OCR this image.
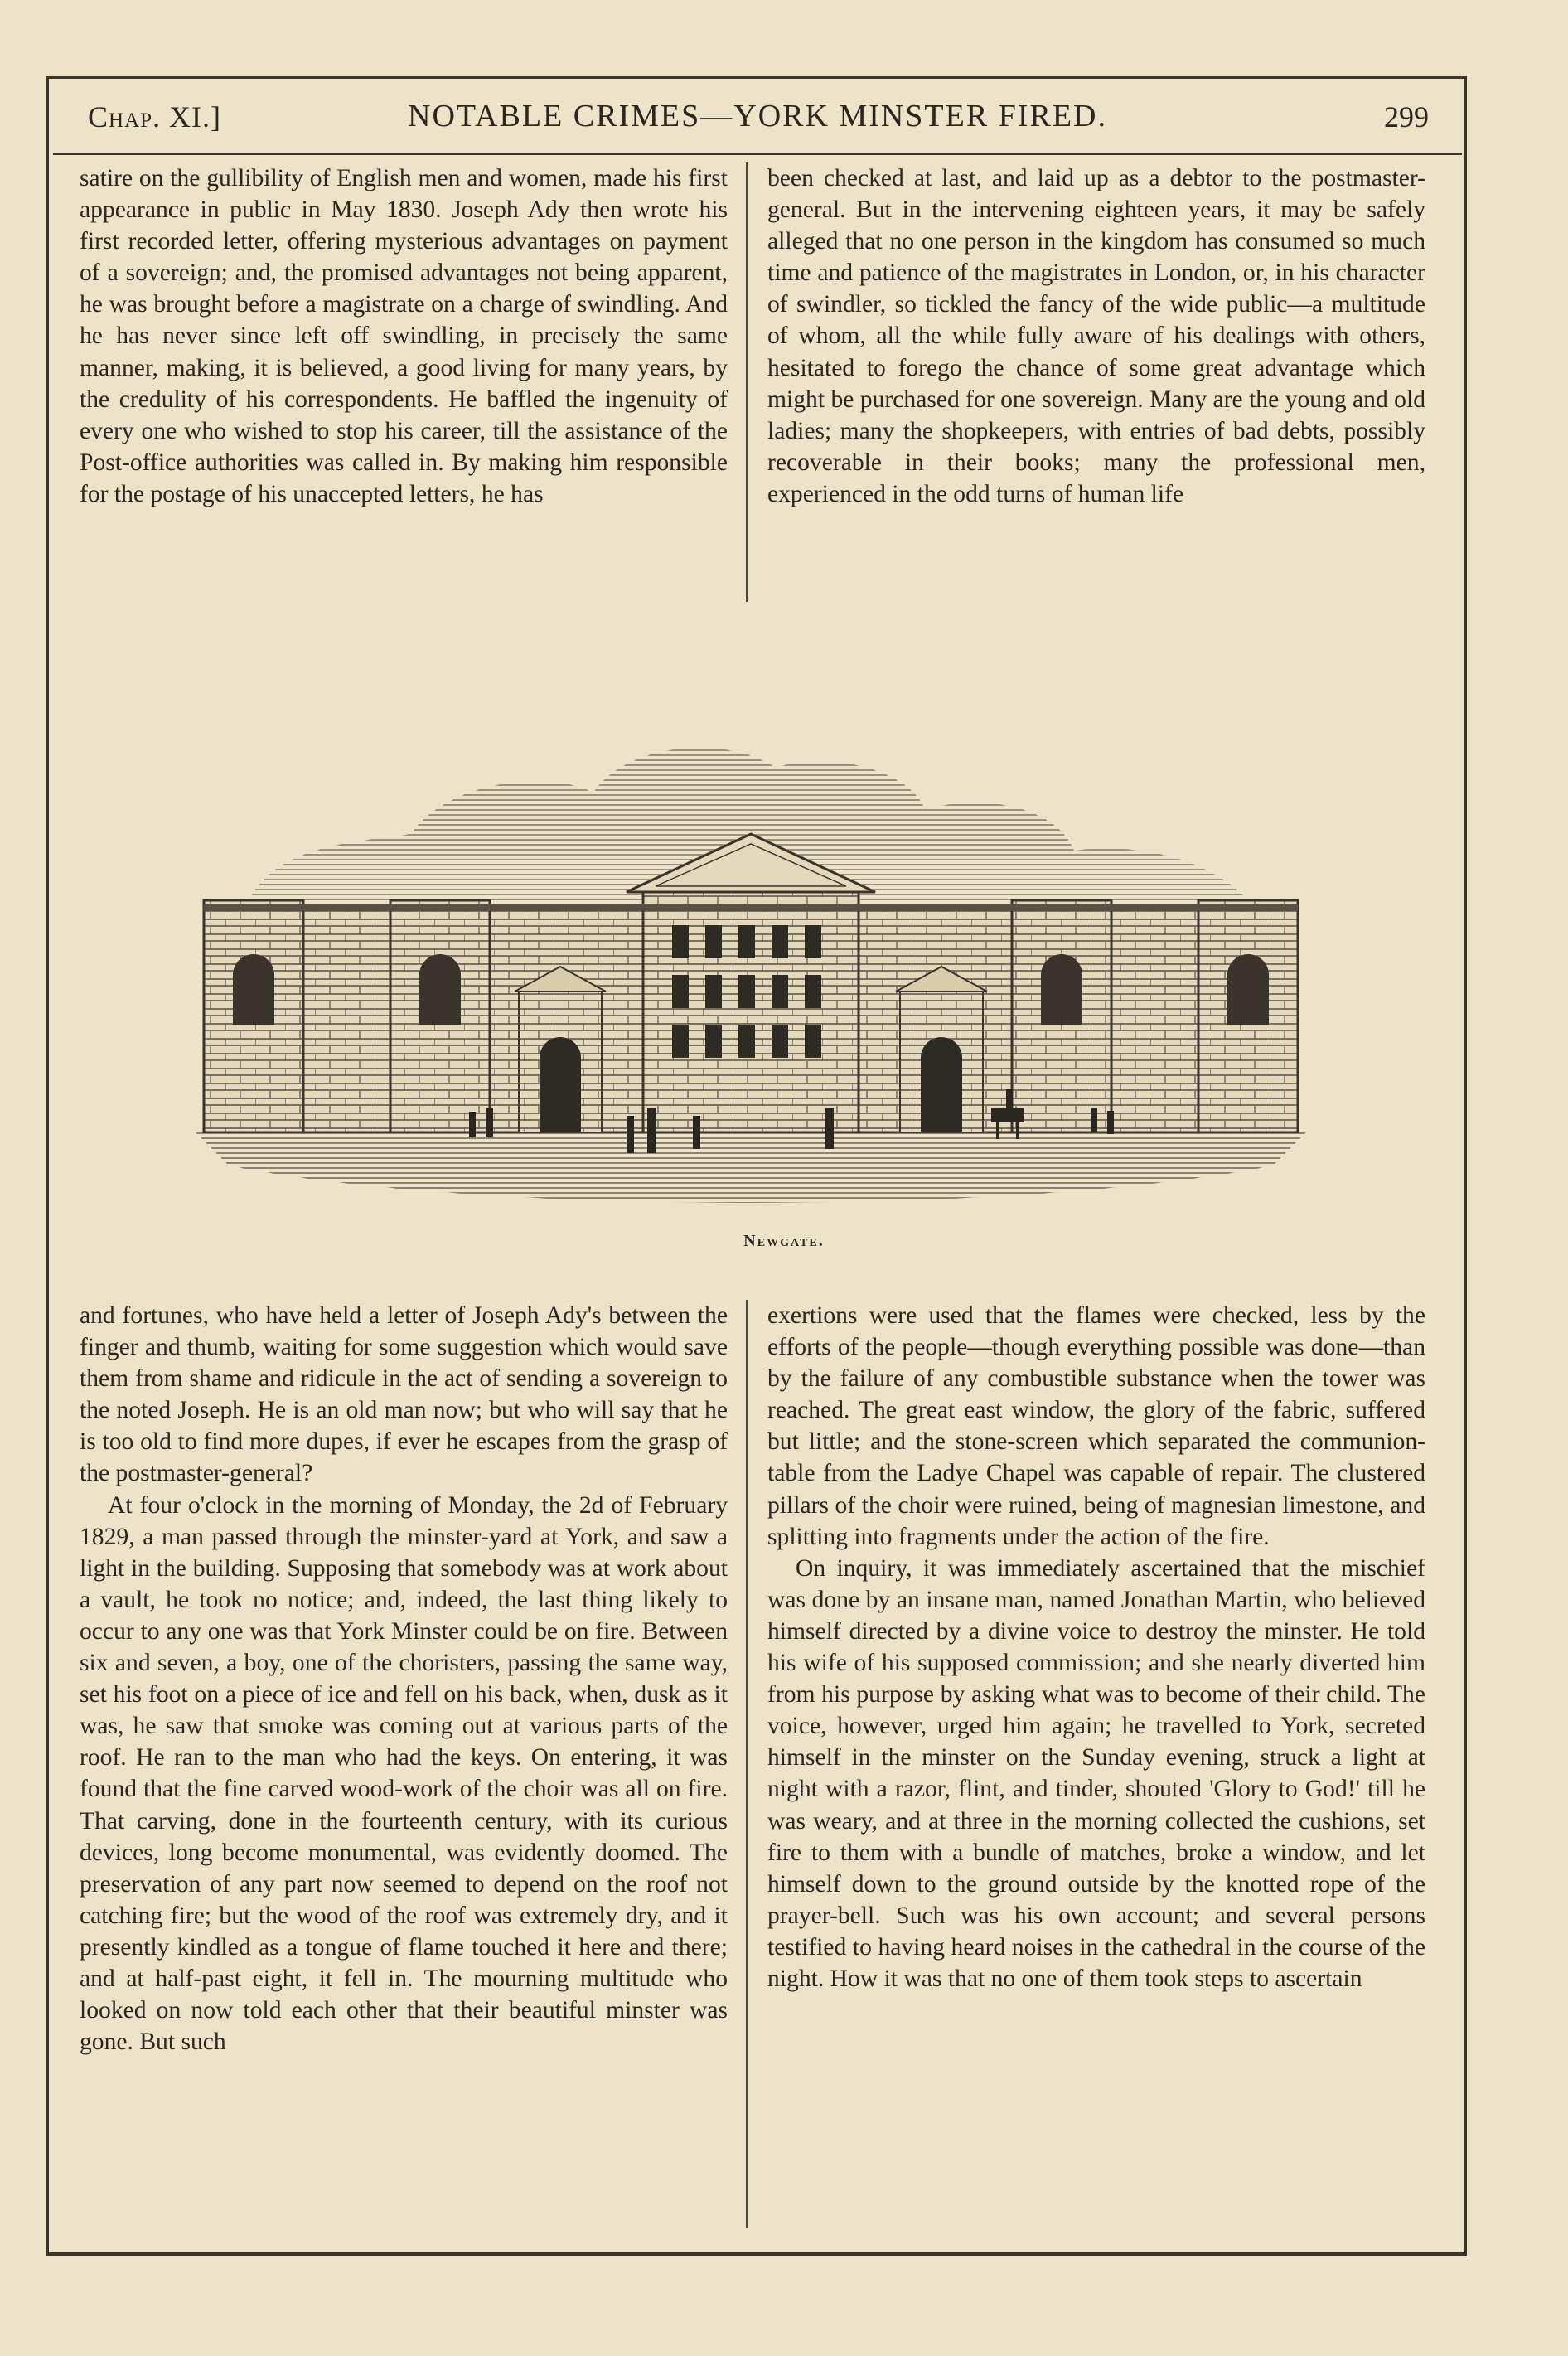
Chap. XI.]	NOTABLE CRIMES—YORK MINSTER FIRED.	299

satire on the gullibility of English men and women, made his first appearance in public in May 1830. Joseph Ady then wrote his first recorded letter, offering mysterious advantages on payment of a sovereign; and, the promised advantages not being apparent, he was brought before a magistrate on a charge of swindling. And he has never since left off swindling, in precisely the same manner, making, it is believed, a good living for many years, by the credulity of his correspondents. He baffled the ingenuity of every one who wished to stop his career, till the assistance of the Post-office authorities was called in. By making him responsible for the postage of his unaccepted letters, he has

been checked at last, and laid up as a debtor to the postmaster-general. But in the intervening eighteen years, it may be safely alleged that no one person in the kingdom has consumed so much time and patience of the magistrates in London, or, in his character of swindler, so tickled the fancy of the wide public—a multitude of whom, all the while fully aware of his dealings with others, hesitated to forego the chance of some great advantage which might be purchased for one sovereign. Many are the young and old ladies; many the shopkeepers, with entries of bad debts, possibly recoverable in their books; many the professional men, experienced in the odd turns of human life

Newgate.

and fortunes, who have held a letter of Joseph Ady's between the finger and thumb, waiting for some suggestion which would save them from shame and ridicule in the act of sending a sovereign to the noted Joseph. He is an old man now; but who will say that he is too old to find more dupes, if ever he escapes from the grasp of the postmaster-general?

At four o'clock in the morning of Monday, the 2d of February 1829, a man passed through the minster-yard at York, and saw a light in the building. Supposing that somebody was at work about a vault, he took no notice; and, indeed, the last thing likely to occur to any one was that York Minster could be on fire. Between six and seven, a boy, one of the choristers, passing the same way, set his foot on a piece of ice and fell on his back, when, dusk as it was, he saw that smoke was coming out at various parts of the roof. He ran to the man who had the keys. On entering, it was found that the fine carved wood-work of the choir was all on fire. That carving, done in the fourteenth century, with its curious devices, long become monumental, was evidently doomed. The preservation of any part now seemed to depend on the roof not catching fire; but the wood of the roof was extremely dry, and it presently kindled as a tongue of flame touched it here and there; and at half-past eight, it fell in. The mourning multitude who looked on now told each other that their beautiful minster was gone. But such

exertions were used that the flames were checked, less by the efforts of the people—though everything possible was done—than by the failure of any combustible substance when the tower was reached. The great east window, the glory of the fabric, suffered but little; and the stone-screen which separated the communion-table from the Ladye Chapel was capable of repair. The clustered pillars of the choir were ruined, being of magnesian limestone, and splitting into fragments under the action of the fire.

On inquiry, it was immediately ascertained that the mischief was done by an insane man, named Jonathan Martin, who believed himself directed by a divine voice to destroy the minster. He told his wife of his supposed commission; and she nearly diverted him from his purpose by asking what was to become of their child. The voice, however, urged him again; he travelled to York, secreted himself in the minster on the Sunday evening, struck a light at night with a razor, flint, and tinder, shouted 'Glory to God!' till he was weary, and at three in the morning collected the cushions, set fire to them with a bundle of matches, broke a window, and let himself down to the ground outside by the knotted rope of the prayer-bell. Such was his own account; and several persons testified to having heard noises in the cathedral in the course of the night. How it was that no one of them took steps to ascertain
